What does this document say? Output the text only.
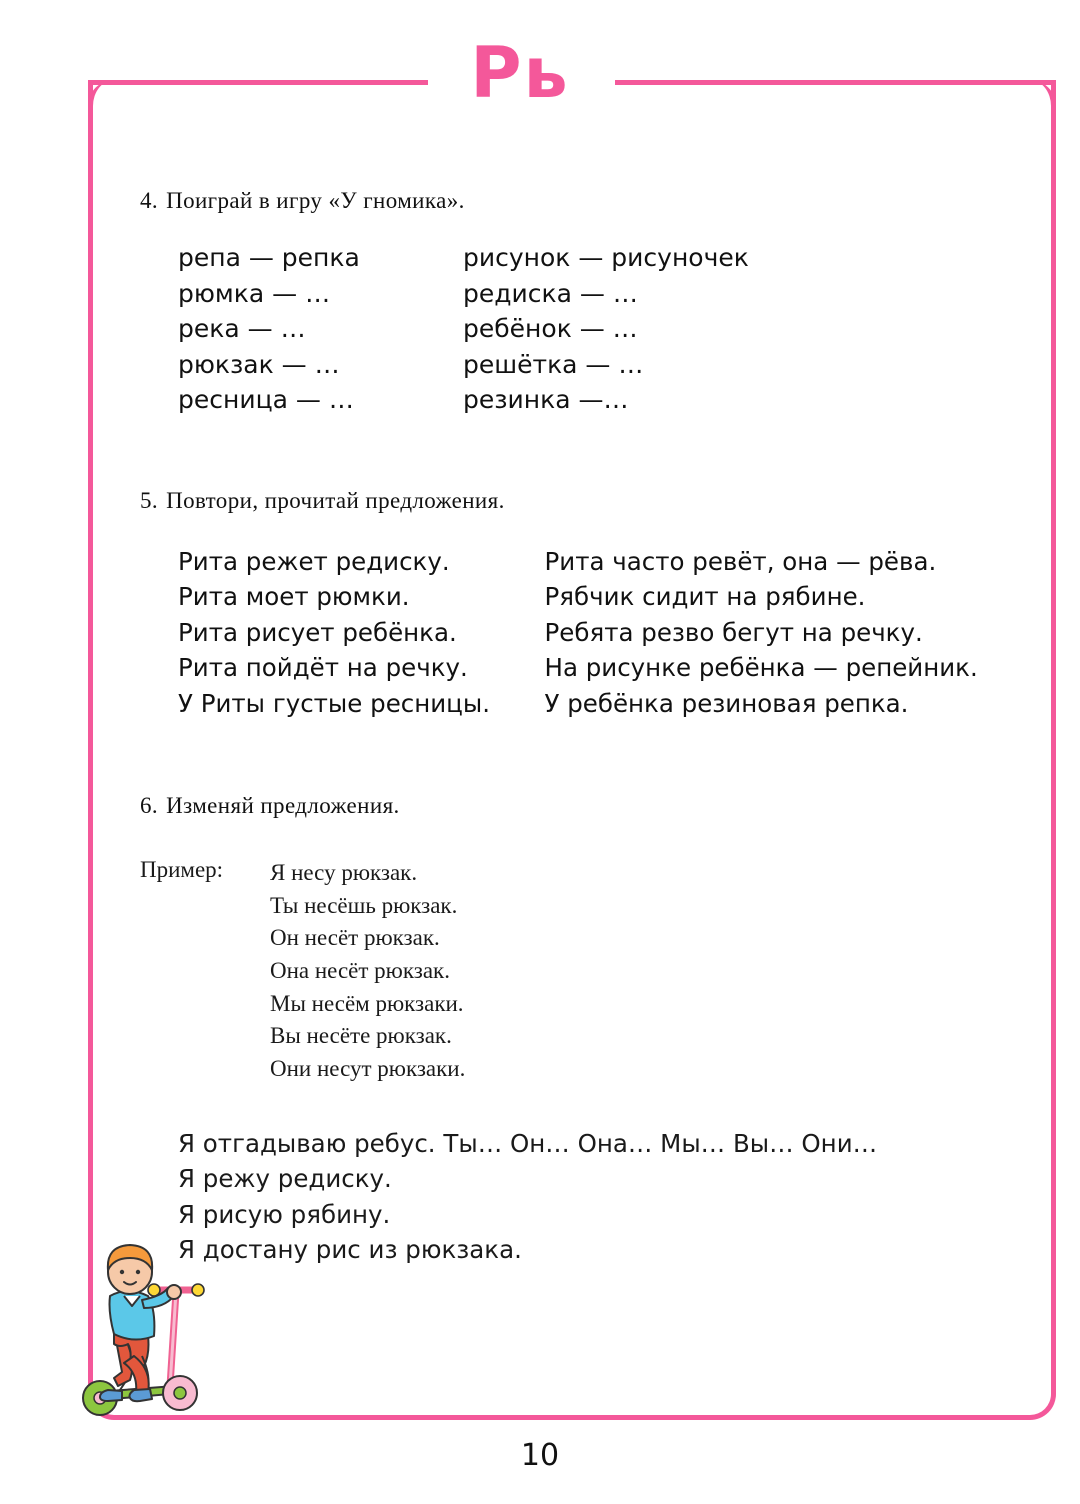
Рь

4. Поиграй в игру «У гномика».

репа — репка
рюмка — …
река — …
рюкзак — …
ресница — …
рисунок — рисуночек
редиска — …
ребёнок — …
решётка — …
резинка —…

5. Повтори, прочитай предложения.

Рита режет редиску.
Рита моет рюмки.
Рита рисует ребёнка.
Рита пойдёт на речку.
У Риты густые ресницы.
Рита часто ревёт, она — рёва.
Рябчик сидит на рябине.
Ребята резво бегут на речку.
На рисунке ребёнка — репейник.
У ребёнка резиновая репка.

6. Изменяй предложения.

Пример:	Я несу рюкзак.
Ты несёшь рюкзак.
Он несёт рюкзак.
Она несёт рюкзак.
Мы несём рюкзаки.
Вы несёте рюкзак.
Они несут рюкзаки.
Я отгадываю ребус. Ты… Он… Она… Мы… Вы… Они…
Я режу редиску.
Я рисую рябину.
Я достану рис из рюкзака.
10
